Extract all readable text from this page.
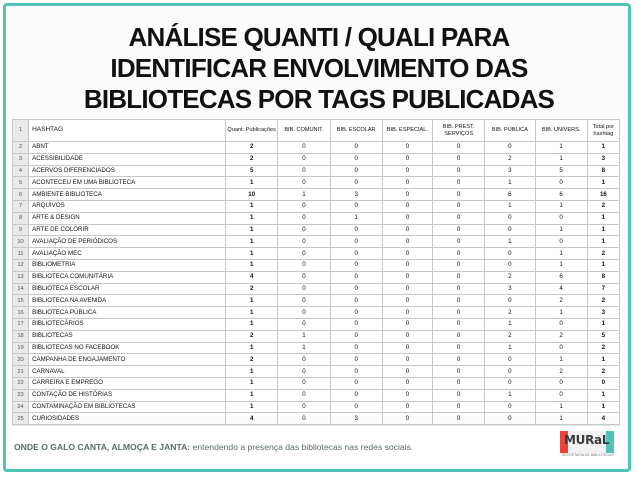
ANÁLISE QUANTI / QUALI PARA
IDENTIFICAR ENVOLVIMENTO DAS
BIBLIOTECAS POR TAGS PUBLICADAS
1	HASHTAG	Quant. Publicações	BIB. COMUNIT.	BIB. ESCOLAR	BIB. ESPECIAL.	BIB. PREST. SERVIÇOS	BIB. PÚBLICA	BIB. UNIVERS.	Total por hashtag
2	ABNT	2	0	0	0	0	0	1	1
3	ACESSIBILIDADE	2	0	0	0	0	2	1	3
4	ACERVOS DIFERENCIADOS	5	0	0	0	0	3	5	8
5	ACONTECEU EM UMA BIBLIOTECA	1	0	0	0	0	1	0	1
6	AMBIENTE BIBLIOTECA	10	1	3	0	0	6	6	16
7	ARQUIVOS	1	0	0	0	0	1	1	2
8	ARTE & DESIGN	1	0	1	0	0	0	0	1
9	ARTE DE COLORIR	1	0	0	0	0	0	1	1
10	AVALIAÇÃO DE PERIÓDICOS	1	0	0	0	0	1	0	1
11	AVALIAÇÃO MEC	1	0	0	0	0	0	1	2
12	BIBLIOMETRIA	1	0	0	0	0	0	1	1
13	BIBLIOTECA COMUNITÁRIA	4	0	0	0	0	2	6	8
14	BIBLIOTECA ESCOLAR	2	0	0	0	0	3	4	7
15	BIBLIOTECA NA AVENIDA	1	0	0	0	0	0	2	2
16	BIBLIOTECA PÚBLICA	1	0	0	0	0	2	1	3
17	BIBLIOTECÁRIOS	1	0	0	0	0	1	0	1
18	BIBLIOTECAS	2	1	0	0	0	2	2	5
19	BIBLIOTECAS NO FACEBOOK	1	1	0	0	0	1	0	2
20	CAMPANHA DE ENGAJAMENTO	2	0	0	0	0	0	1	1
21	CARNAVAL	1	0	0	0	0	0	2	2
22	CARREIRA E EMPREGO	1	0	0	0	0	0	0	0
23	CONTAÇÃO DE HISTÓRIAS	1	0	0	0	0	1	0	1
24	CONTAMINAÇÃO EM BIBLIOTECAS	1	0	0	0	0	0	1	1
25	CURIOSIDADES	4	0	3	0	0	0	1	4
ONDE O GALO CANTA, ALMOÇA E JANTA: entendendo a presença das bibliotecas nas redes sociais.	MURaL
SECRETARIA DE BIBLIOTECAS
